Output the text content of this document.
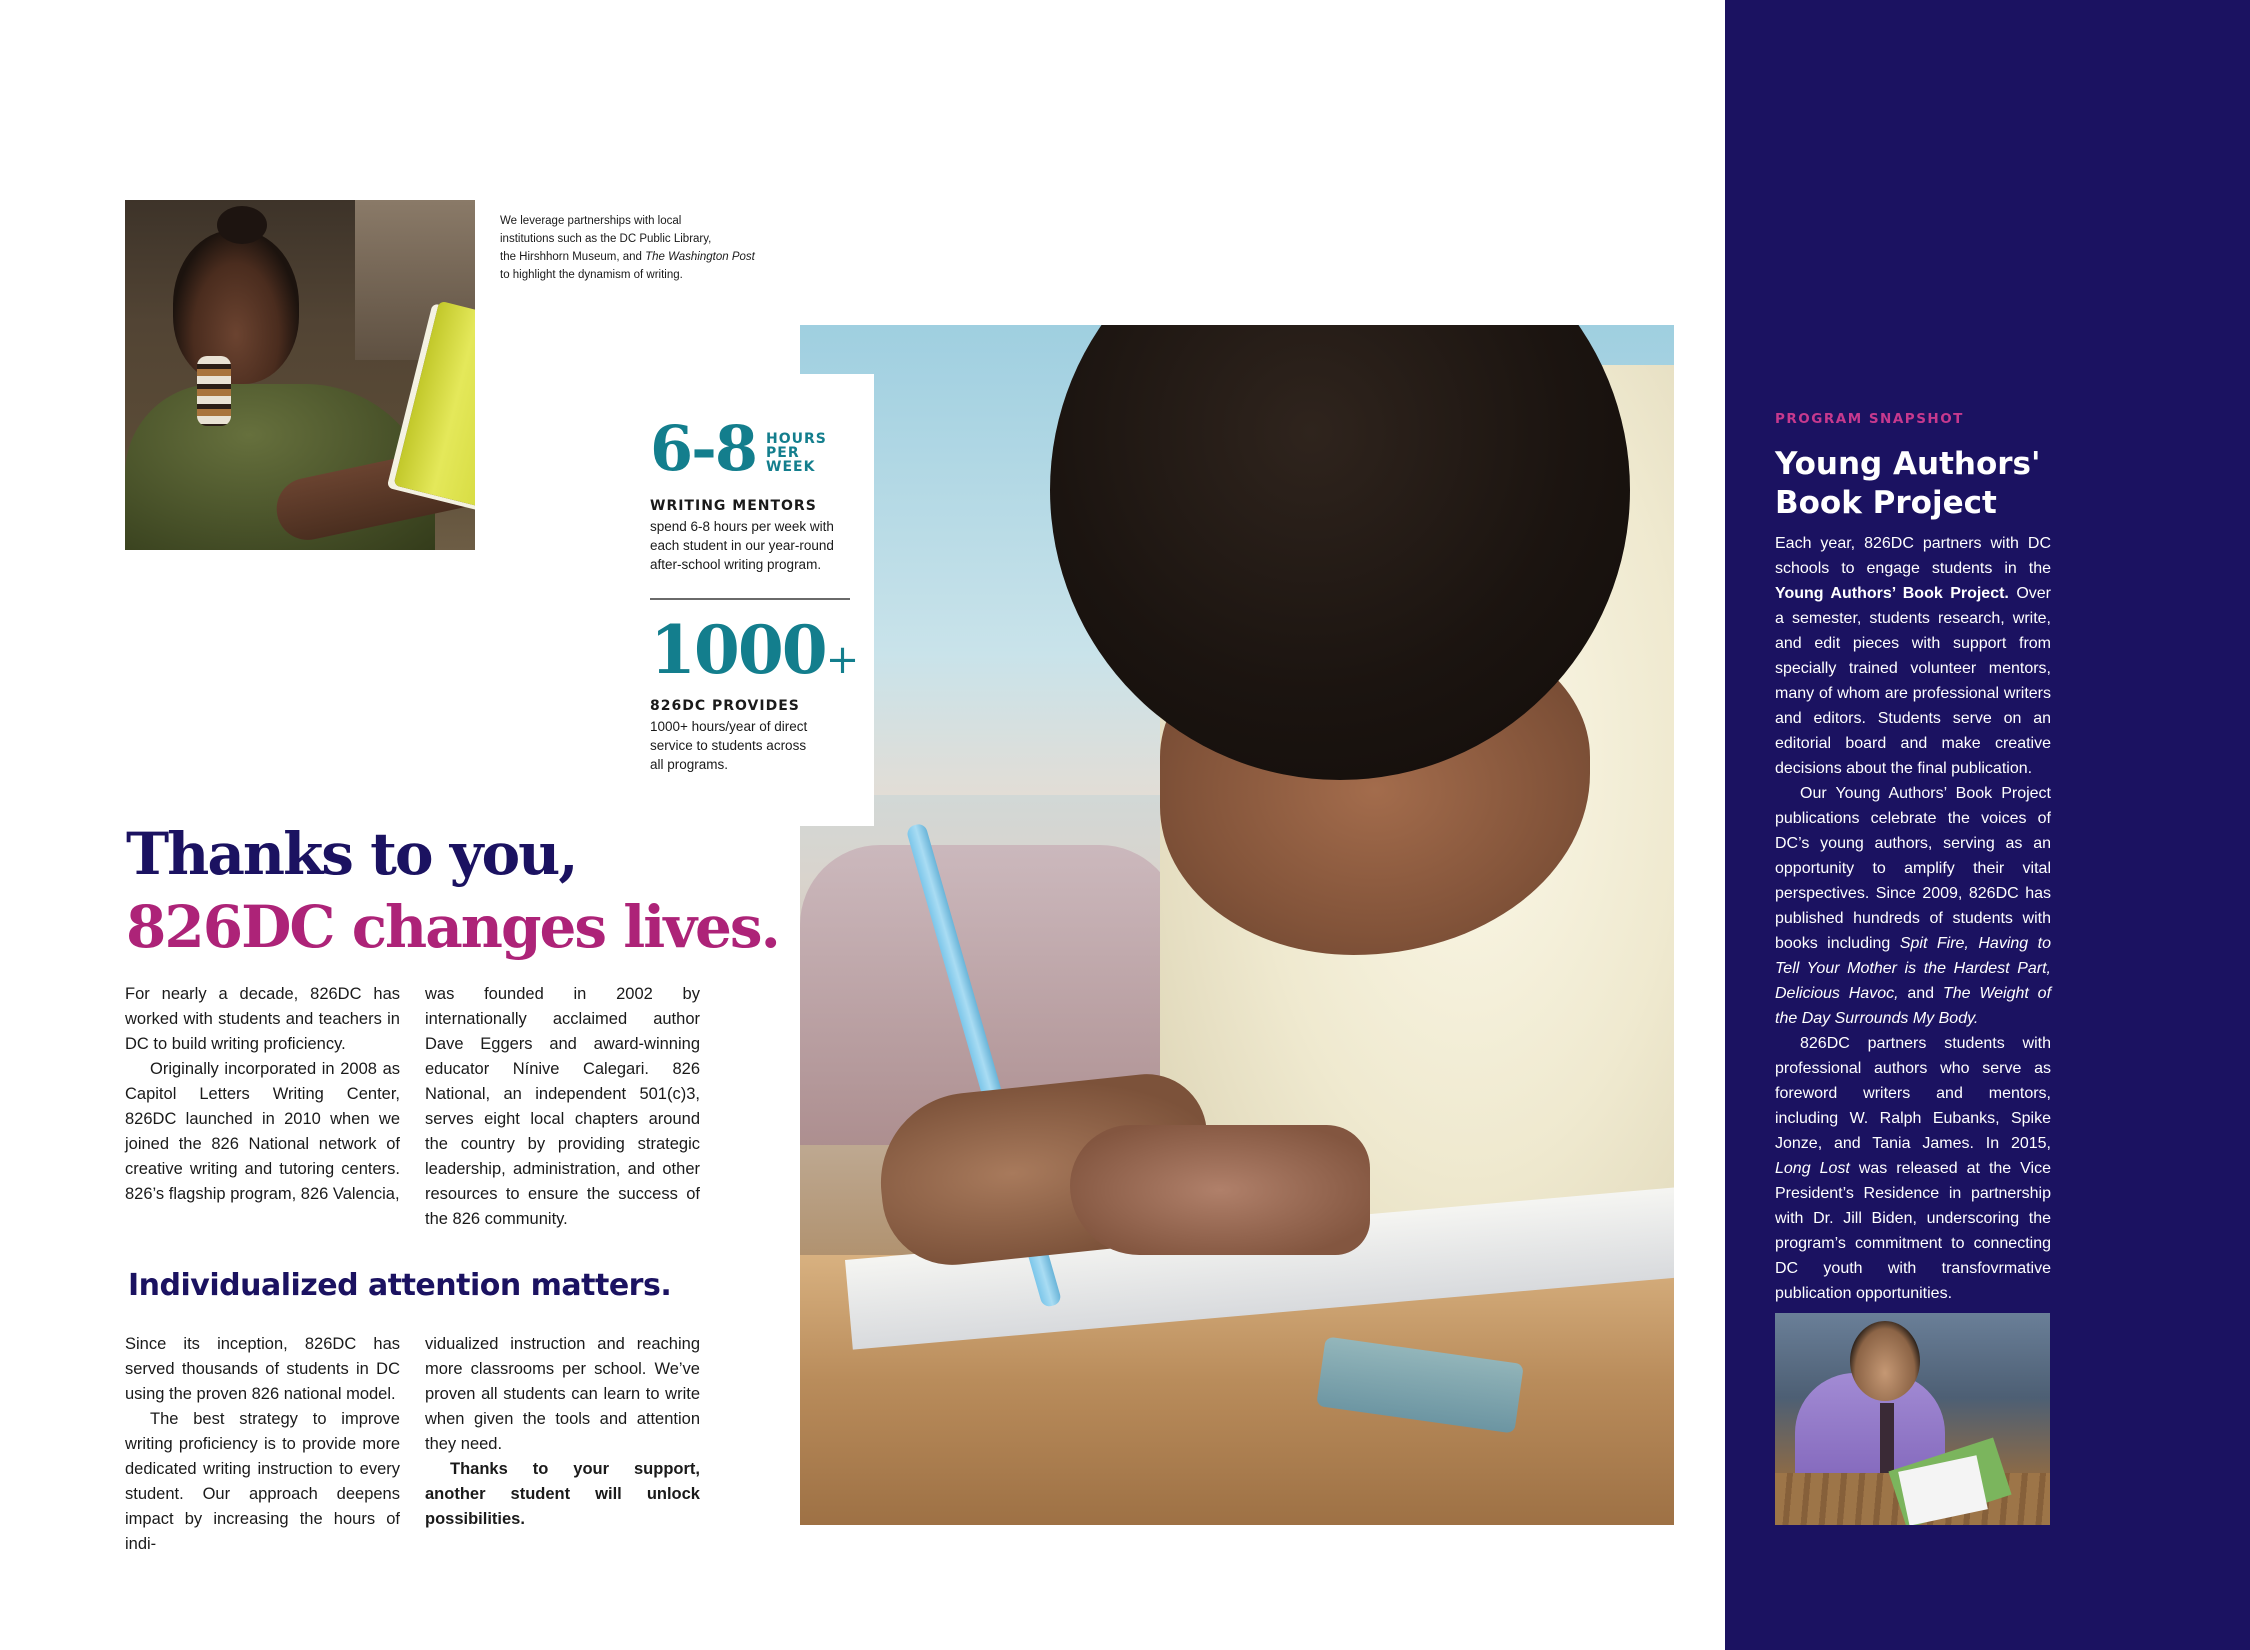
We leverage partnerships with local
institutions such as the DC Public Library,
the Hirshhorn Museum, and The Washington Post
to highlight the dynamism of writing.
6-8 HOURS
PER
WEEK
WRITING MENTORS
spend 6-8 hours per week with
each student in our year-round
after-school writing program.
1000+
826DC PROVIDES
1000+ hours/year of direct
service to students across
all programs.
Thanks to you,
826DC changes lives.

For nearly a decade, 826DC has worked with students and teachers in DC to build writing proficiency.

Originally incorporated in 2008 as Capitol Letters Writing Center, 826DC launched in 2010 when we joined the 826 National network of creative writing and tutoring centers. 826’s flagship program, 826 Valencia,

was founded in 2002 by internationally acclaimed author Dave Eggers and award-winning educator Nínive Calegari. 826 National, an independent 501(c)3, serves eight local chapters around the country by providing strategic leadership, administration, and other resources to ensure the success of the 826 community.

Individualized attention matters.

Since its inception, 826DC has served thousands of students in DC using the proven 826 national model.

The best strategy to improve writing proficiency is to provide more dedicated writing instruction to every student. Our approach deepens impact by increasing the hours of indi-

vidualized instruction and reaching more classrooms per school. We’ve proven all students can learn to write when given the tools and attention they need.

Thanks to your support, another student will unlock possibilities.

PROGRAM SNAPSHOT
Young Authors' Book Project

Each year, 826DC partners with DC schools to engage students in the Young Authors’ Book Project. Over a semester, students research, write, and edit pieces with support from specially trained volunteer mentors, many of whom are professional writers and editors. Students serve on an editorial board and make creative decisions about the final publication.

Our Young Authors’ Book Project publications celebrate the voices of DC’s young authors, serving as an opportunity to amplify their vital perspectives. Since 2009, 826DC has published hundreds of students with books including Spit Fire, Having to Tell Your Mother is the Hardest Part, Delicious Havoc, and The Weight of the Day Surrounds My Body.

826DC partners students with professional authors who serve as foreword writers and mentors, including W. Ralph Eubanks, Spike Jonze, and Tania James. In 2015, Long Lost was released at the Vice President’s Residence in partnership with Dr. Jill Biden, underscoring the program’s commitment to connecting DC youth with transfovrmative publication opportunities.
